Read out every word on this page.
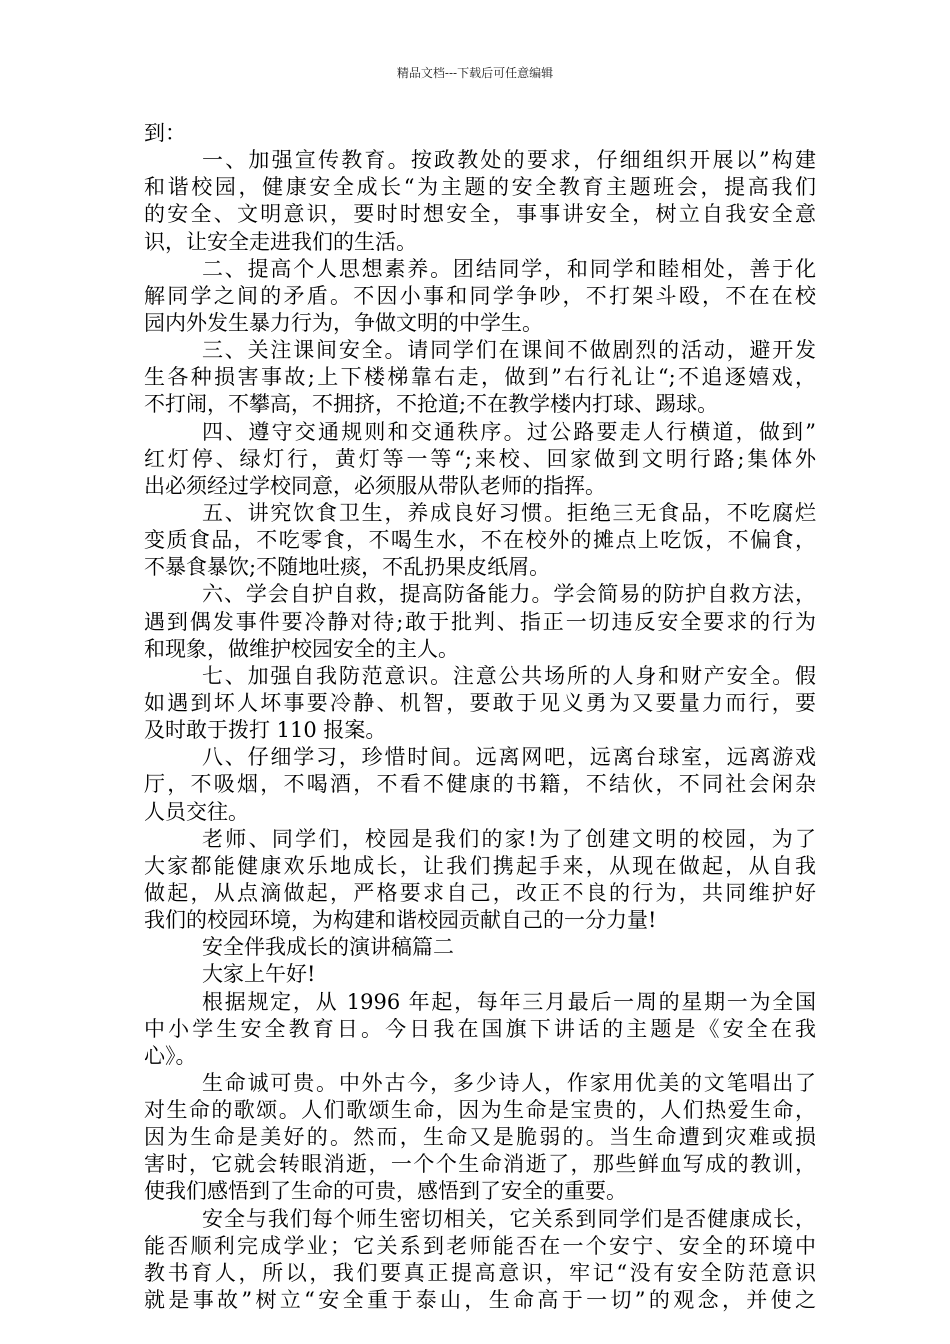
精品文档---下载后可任意编辑
到：
一、加强宣传教育。按政教处的要求，仔细组织开展以”构建
和谐校园，健康安全成长“为主题的安全教育主题班会，提高我们
的安全、文明意识，要时时想安全，事事讲安全，树立自我安全意
识，让安全走进我们的生活。
二、提高个人思想素养。团结同学，和同学和睦相处，善于化
解同学之间的矛盾。不因小事和同学争吵，不打架斗殴，不在在校
园内外发生暴力行为，争做文明的中学生。
三、关注课间安全。请同学们在课间不做剧烈的活动，避开发
生各种损害事故;上下楼梯靠右走，做到”右行礼让“;不追逐嬉戏，
不打闹，不攀高，不拥挤，不抢道;不在教学楼内打球、踢球。
四、遵守交通规则和交通秩序。过公路要走人行横道，做到”
红灯停、绿灯行，黄灯等一等“;来校、回家做到文明行路;集体外
出必须经过学校同意，必须服从带队老师的指挥。
五、讲究饮食卫生，养成良好习惯。拒绝三无食品，不吃腐烂
变质食品，不吃零食，不喝生水，不在校外的摊点上吃饭，不偏食，
不暴食暴饮;不随地吐痰，不乱扔果皮纸屑。
六、学会自护自救，提高防备能力。学会简易的防护自救方法，
遇到偶发事件要冷静对待;敢于批判、指正一切违反安全要求的行为
和现象，做维护校园安全的主人。
七、加强自我防范意识。注意公共场所的人身和财产安全。假
如遇到坏人坏事要冷静、机智，要敢于见义勇为又要量力而行，要
及时敢于拨打 110 报案。
八、仔细学习，珍惜时间。远离网吧，远离台球室，远离游戏
厅，不吸烟，不喝酒，不看不健康的书籍，不结伙，不同社会闲杂
人员交往。
老师、同学们，校园是我们的家!为了创建文明的校园，为了
大家都能健康欢乐地成长，让我们携起手来，从现在做起，从自我
做起，从点滴做起，严格要求自己，改正不良的行为，共同维护好
我们的校园环境，为构建和谐校园贡献自己的一分力量!
安全伴我成长的演讲稿篇二
大家上午好!
根据规定，从 1996 年起，每年三月最后一周的星期一为全国
中小学生安全教育日。今日我在国旗下讲话的主题是《安全在我
心》。
生命诚可贵。中外古今，多少诗人，作家用优美的文笔唱出了
对生命的歌颂。人们歌颂生命，因为生命是宝贵的，人们热爱生命，
因为生命是美好的。然而，生命又是脆弱的。当生命遭到灾难或损
害时，它就会转眼消逝，一个个生命消逝了，那些鲜血写成的教训，
使我们感悟到了生命的可贵，感悟到了安全的重要。
安全与我们每个师生密切相关，它关系到同学们是否健康成长，
能否顺利完成学业；它关系到老师能否在一个安宁、安全的环境中
教书育人，所以，我们要真正提高意识，牢记“没有安全防范意识
就是事故”树立“安全重于泰山，生命高于一切”的观念，并使之
